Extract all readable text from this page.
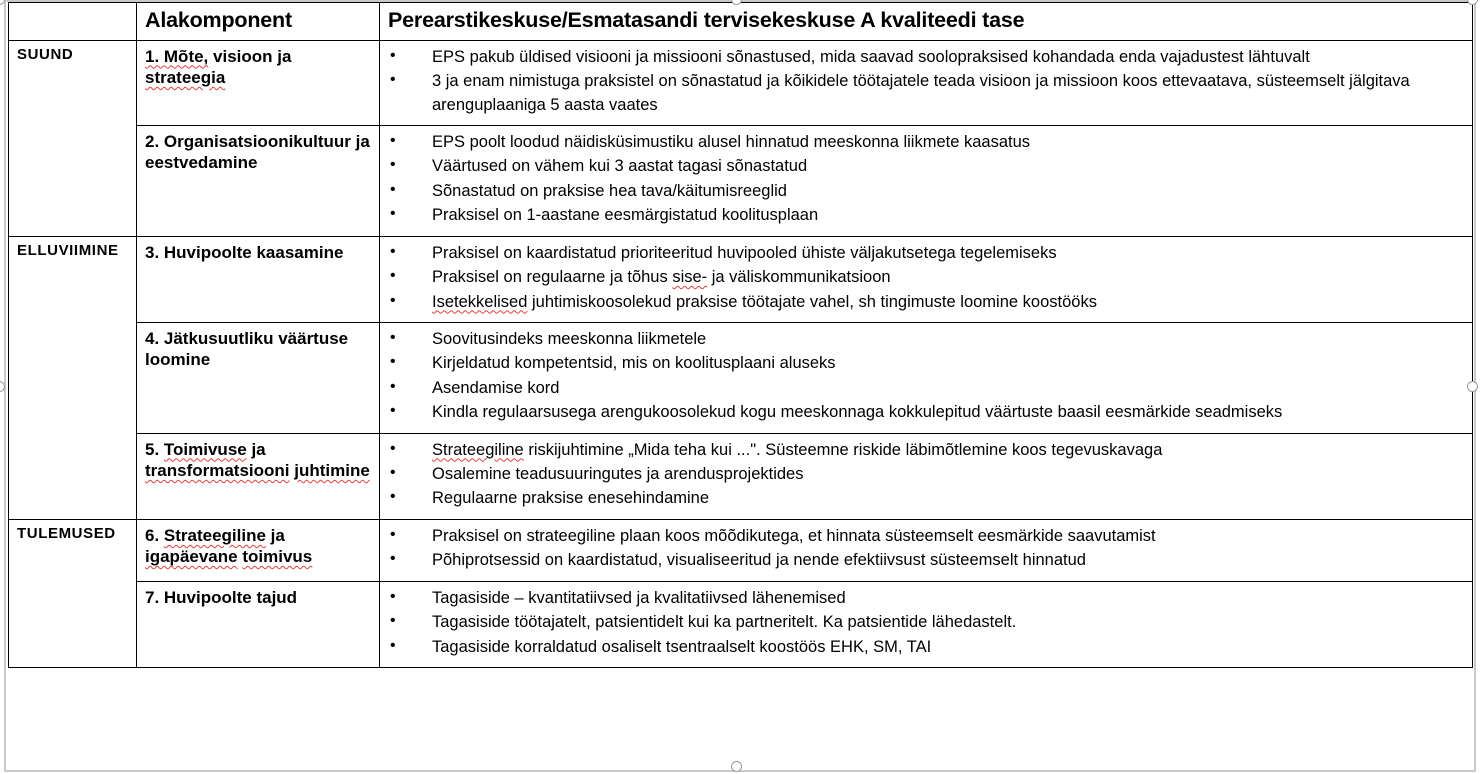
	Alakomponent	Perearstikeskuse/Esmatasandi tervisekeskuse A kvaliteedi tase
SUUND	1. Mõte, visioon ja strateegia	
• EPS pakub üldised visiooni ja missiooni sõnastused, mida saavad soolopraksised kohandada enda vajadustest lähtuvalt
• 3 ja enam nimistuga praksistel on sõnastatud ja kõikidele töötajatele teada visioon ja missioon koos ettevaatava, süsteemselt jälgitava arenguplaaniga 5 aasta vaates

2. Organisatsioonikultuur ja eestvedamine	
• EPS poolt loodud näidisküsimustiku alusel hinnatud meeskonna liikmete kaasatus
• Väärtused on vähem kui 3 aastat tagasi sõnastatud
• Sõnastatud on praksise hea tava/käitumisreeglid
• Praksisel on 1-aastane eesmärgistatud koolitusplaan

ELLUVIIMINE	3. Huvipoolte kaasamine	
•Praksisel on kaardistatud prioriteeritud huvipooled ühiste väljakutsetega tegelemiseks
• Praksisel on regulaarne ja tõhus sise- ja väliskommunikatsioon
• Isetekkelised juhtimiskoosolekud praksise töötajate vahel, sh tingimuste loomine koostööks

4. Jätkusuutliku väärtuse loomine	
• Soovitusindeks meeskonna liikmetele
• Kirjeldatud kompetentsid, mis on koolitusplaani aluseks
• Asendamise kord
• Kindla regulaarsusega arengukoosolekud kogu meeskonnaga kokkulepitud väärtuste baasil eesmärkide seadmiseks

5. Toimivuse ja transformatsiooni juhtimine	
• Strateegiline riskijuhtimine „Mida teha kui ...". Süsteemne riskide läbimõtlemine koos tegevuskavaga
• Osalemine teadusuuringutes ja arendusprojektides
• Regulaarne praksise enesehindamine

TULEMUSED	6. Strateegiline ja igapäevane toimivus	
• Praksisel on strateegiline plaan koos mõõdikutega, et hinnata süsteemselt eesmärkide saavutamist
• Põhiprotsessid on kaardistatud, visualiseeritud ja nende efektiivsust süsteemselt hinnatud

7. Huvipoolte tajud	
•Tagasiside – kvantitatiivsed ja kvalitatiivsed lähenemised
• Tagasiside töötajatelt, patsientidelt kui ka partneritelt. Ka patsientide lähedastelt.
• Tagasiside korraldatud osaliselt tsentraalselt koostöös EHK, SM, TAI
